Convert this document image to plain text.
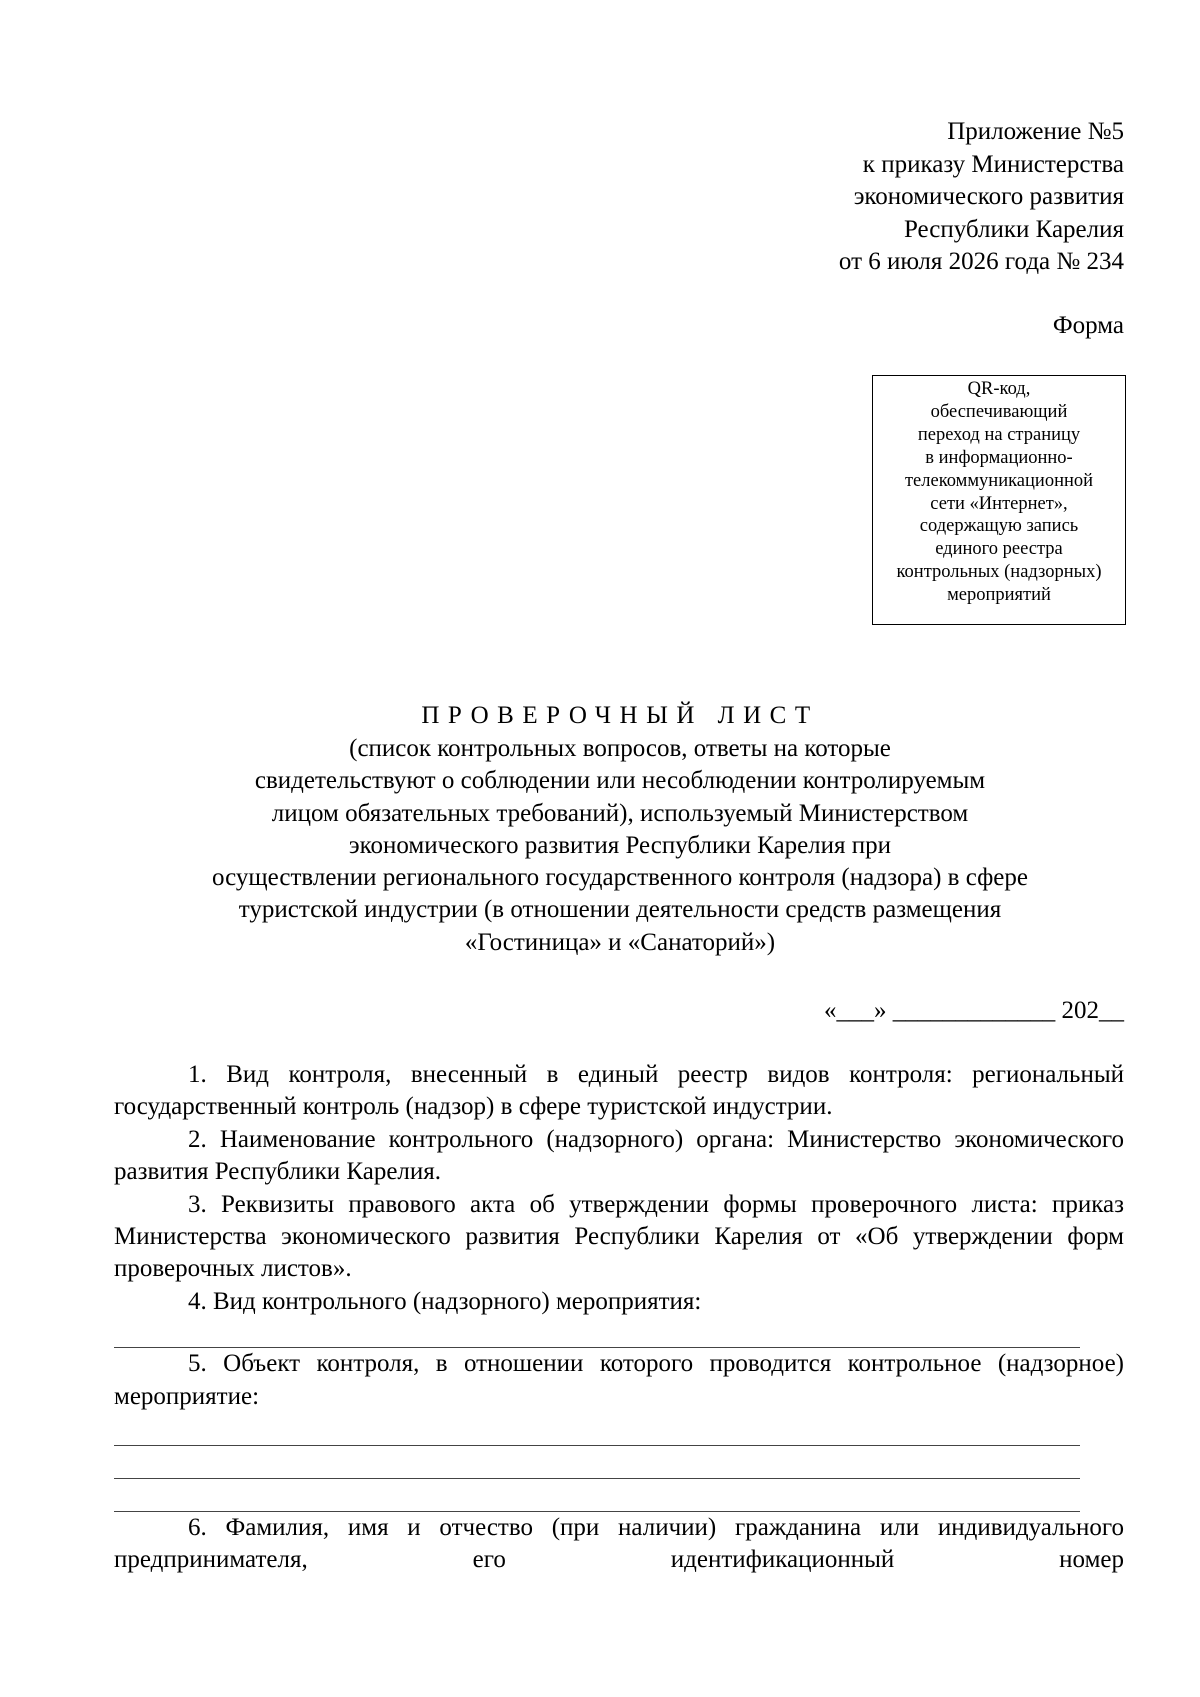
Приложение №5
к приказу Министерства
экономического развития
Республики Карелия
от 6 июля 2026 года № 234
Форма
QR-код,
обеспечивающий
переход на страницу
в информационно-
телекоммуникационной
сети «Интернет»,
содержащую запись
единого реестра
контрольных (надзорных)
мероприятий
ПРОВЕРОЧНЫЙ ЛИСТ
(список контрольных вопросов, ответы на которые
свидетельствуют о соблюдении или несоблюдении контролируемым
лицом обязательных требований), используемый Министерством
экономического развития Республики Карелия при
осуществлении регионального государственного контроля (надзора) в сфере
туристской индустрии (в отношении деятельности средств размещения
«Гостиница» и «Санаторий»)
«___» _____________ 202__

1. Вид контроля, внесенный в единый реестр видов контроля: региональный государственный контроль (надзор) в сфере туристской индустрии.

2. Наименование контрольного (надзорного) органа: Министерство экономического развития Республики Карелия.

3. Реквизиты правового акта об утверждении формы проверочного листа: приказ Министерства экономического развития Республики Карелия от «Об утверждении форм проверочных листов».

4. Вид контрольного (надзорного) мероприятия:

5. Объект контроля, в отношении которого проводится контрольное (надзорное) мероприятие:

6. Фамилия, имя и отчество (при наличии) гражданина или индивидуального предпринимателя, его идентификационный номер
